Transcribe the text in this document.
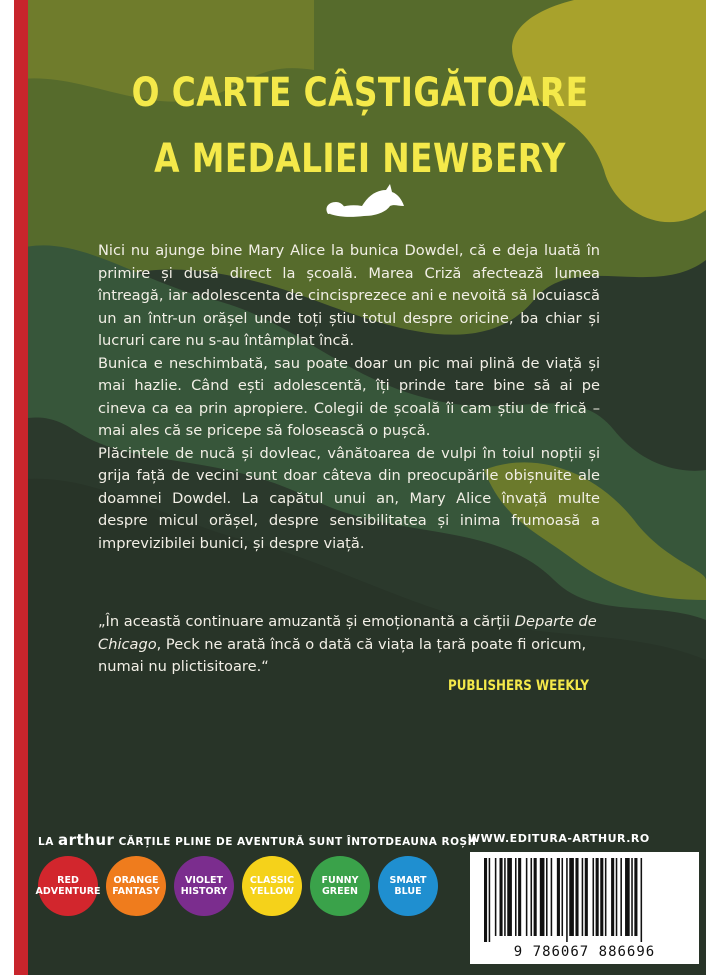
O CARTE CÂȘTIGĂTOARE
A MEDALIEI NEWBERY

Nici nu ajunge bine Mary Alice la bunica Dowdel, că e deja luată în primire și dusă direct la școală. Marea Criză afectează lumea întreagă, iar adolescenta de cincisprezece ani e nevoită să locuiască un an într-un orășel unde toți știu totul despre oricine, ba chiar și lucruri care nu s-au întâmplat încă.

Bunica e neschimbată, sau poate doar un pic mai plină de viață și mai hazlie. Când ești adolescentă, îți prinde tare bine să ai pe cineva ca ea prin apropiere. Colegii de școală îi cam știu de frică – mai ales că se pricepe să folosească o pușcă.

Plăcintele de nucă și dovleac, vânătoarea de vulpi în toiul nopții și grija față de vecini sunt doar câteva din preocupările obișnuite ale doamnei Dowdel. La capătul unui an, Mary Alice învață multe despre micul orășel, despre sensibilitatea și inima frumoasă a imprevizibilei bunici, și despre viață.

„În această continuare amuzantă și emoționantă a cărții Departe de Chicago, Peck ne arată încă o dată că viața la țară poate fi oricum, numai nu plictisitoare.“
PUBLISHERS WEEKLY
LA arthur CĂRȚILE PLINE DE AVENTURĂ SUNT ÎNTOTDEAUNA ROȘII
WWW.EDITURA-ARTHUR.RO
RED
ADVENTURE
ORANGE
FANTASY
VIOLET
HISTORY
CLASSIC
YELLOW
FUNNY
GREEN
SMART
BLUE
9 786067 886696
